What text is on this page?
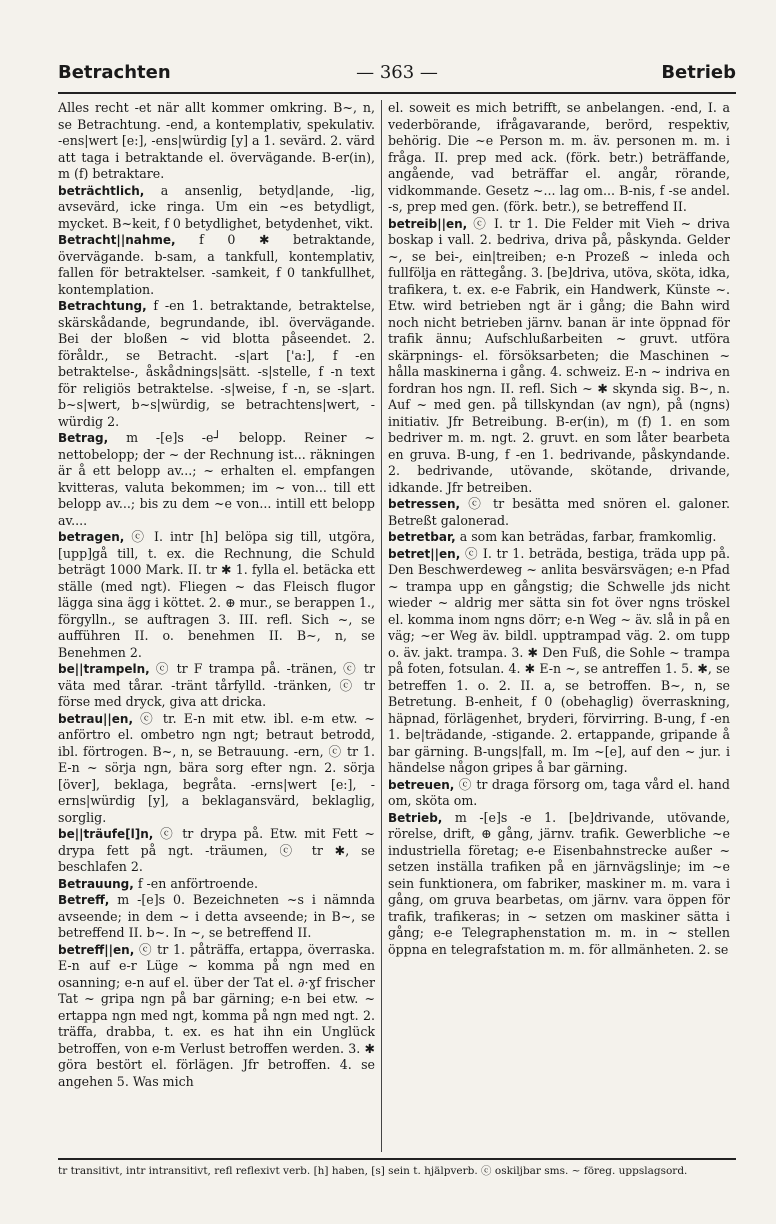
Betrachten	— 363 —	Betrieb

Alles recht -et när allt kommer omkring. B~, n, se Betrachtung. -end, a kontemplativ, spekulativ. -ens|wert [e:], -ens|würdig [y] a 1. sevärd. 2. värd att taga i betraktande el. övervägande. B-er(in), m (f) betraktare.

beträchtlich, a ansenlig, betyd|ande, -lig, avsevärd, icke ringa. Um ein ~es betydligt, mycket. B~keit, f 0 betydlighet, betydenhet, vikt.

Betracht||nahme, f 0 ✱ betraktande, övervägande. b-sam, a tankfull, kontemplativ, fallen för betraktelser. -samkeit, f 0 tankfullhet, kontemplation.

Betrachtung, f -en 1. betraktande, betraktelse, skärskådande, begrundande, ibl. övervägande. Bei der bloßen ~ vid blotta påseendet. 2. föråldr., se Betracht. -s|art ['a:], f -en betraktelse-, åskådnings|sätt. -s|stelle, f -n text för religiös betraktelse. -s|weise, f -n, se -s|art. b~s|wert, b~s|würdig, se betrachtens|wert, -würdig 2.

Betrag, m -[e]s -e┘ belopp. Reiner ~ nettobelopp; der ~ der Rechnung ist... räkningen är å ett belopp av...; ~ erhalten el. empfangen kvitteras, valuta bekommen; im ~ von... till ett belopp av...; bis zu dem ~e von... intill ett belopp av....

betragen, ⓒ I. intr [h] belöpa sig till, utgöra, [upp]gå till, t. ex. die Rechnung, die Schuld beträgt 1000 Mark. II. tr ✱ 1. fylla el. betäcka ett ställe (med ngt). Fliegen ~ das Fleisch flugor lägga sina ägg i köttet. 2. ⊕ mur., se berappen 1., förgylln., se auftragen 3. III. refl. Sich ~, se aufführen II. o. benehmen II. B~, n, se Benehmen 2.

be||trampeln, ⓒ tr F trampa på. -tränen, ⓒ tr väta med tårar. -tränt tårfylld. -tränken, ⓒ tr förse med dryck, giva att dricka.

betrau||en, ⓒ tr. E-n mit etw. ibl. e-m etw. ~ anförtro el. ombetro ngn ngt; betraut betrodd, ibl. förtrogen. B~, n, se Betrauung. -ern, ⓒ tr 1. E-n ~ sörja ngn, bära sorg efter ngn. 2. sörja [över], beklaga, begråta. -erns|wert [e:], -erns|würdig [y], a beklagansvärd, beklaglig, sorglig.

be||träufe[l]n, ⓒ tr drypa på. Etw. mit Fett ~ drypa fett på ngt. -träumen, ⓒ tr ✱, se beschlafen 2.

Betrauung, f -en anförtroende.

Betreff, m -[e]s 0. Bezeichneten ~s i nämnda avseende; in dem ~ i detta avseende; in B~, se betreffend II. b~. In ~, se betreffend II.

betreff||en, ⓒ tr 1. påträffa, ertappa, överraska. E-n auf e-r Lüge ~ komma på ngn med en osanning; e-n auf el. über der Tat el. ∂·ɣf frischer Tat ~ gripa ngn på bar gärning; e-n bei etw. ~ ertappa ngn med ngt, komma på ngn med ngt. 2. träffa, drabba, t. ex. es hat ihn ein Unglück betroffen, von e-m Verlust betroffen werden. 3. ✱ göra bestört el. förlägen. Jfr betroffen. 4. se angehen 5. Was mich

el. soweit es mich betrifft, se anbelangen. -end, I. a vederbörande, ifrågavarande, berörd, respektiv, behörig. Die ~e Person m. m. äv. personen m. m. i fråga. II. prep med ack. (förk. betr.) beträffande, angående, vad beträffar el. angår, rörande, vidkommande. Gesetz ~... lag om... B-nis, f -se andel. -s, prep med gen. (förk. betr.), se betreffend II.

betreib||en, ⓒ I. tr 1. Die Felder mit Vieh ~ driva boskap i vall. 2. bedriva, driva på, påskynda. Gelder ~, se bei-, ein|treiben; e-n Prozeß ~ inleda och fullfölja en rättegång. 3. [be]driva, utöva, sköta, idka, trafikera, t. ex. e-e Fabrik, ein Handwerk, Künste ~. Etw. wird betrieben ngt är i gång; die Bahn wird noch nicht betrieben järnv. banan är inte öppnad för trafik ännu; Aufschlußarbeiten ~ gruvt. utföra skärpnings- el. försöksarbeten; die Maschinen ~ hålla maskinerna i gång. 4. schweiz. E-n ~ indriva en fordran hos ngn. II. refl. Sich ~ ✱ skynda sig. B~, n. Auf ~ med gen. på tillskyndan (av ngn), på (ngns) initiativ. Jfr Betreibung. B-er(in), m (f) 1. en som bedriver m. m. ngt. 2. gruvt. en som låter bearbeta en gruva. B-ung, f -en 1. bedrivande, påskyndande. 2. bedrivande, utövande, skötande, drivande, idkande. Jfr betreiben.

betressen, ⓒ tr besätta med snören el. galoner. Betreßt galonerad.

betretbar, a som kan beträdas, farbar, framkomlig.

betret||en, ⓒ I. tr 1. beträda, bestiga, träda upp på. Den Beschwerdeweg ~ anlita besvärsvägen; e-n Pfad ~ trampa upp en gångstig; die Schwelle jds nicht wieder ~ aldrig mer sätta sin fot över ngns tröskel el. komma inom ngns dörr; e-n Weg ~ äv. slå in på en väg; ~er Weg äv. bildl. upptrampad väg. 2. om tupp o. äv. jakt. trampa. 3. ✱ Den Fuß, die Sohle ~ trampa på foten, fotsulan. 4. ✱ E-n ~, se antreffen 1. 5. ✱, se betreffen 1. o. 2. II. a, se betroffen. B~, n, se Betretung. B-enheit, f 0 (obehaglig) överraskning, häpnad, förlägenhet, bryderi, förvirring. B-ung, f -en 1. be|trädande, -stigande. 2. ertappande, gripande å bar gärning. B-ungs|fall, m. Im ~[e], auf den ~ jur. i händelse någon gripes å bar gärning.

betreuen, ⓒ tr draga försorg om, taga vård el. hand om, sköta om.

Betrieb, m -[e]s -e 1. [be]drivande, utövande, rörelse, drift, ⊕ gång, järnv. trafik. Gewerbliche ~e industriella företag; e-e Eisenbahnstrecke außer ~ setzen inställa trafiken på en järnvägslinje; im ~e sein funktionera, om fabriker, maskiner m. m. vara i gång, om gruva bearbetas, om järnv. vara öppen för trafik, trafikeras; in ~ setzen om maskiner sätta i gång; e-e Telegraphenstation m. m. in ~ stellen öppna en telegrafstation m. m. för allmänheten. 2. se

tr transitivt, intr intransitivt, refl reflexivt verb. [h] haben, [s] sein t. hjälpverb. ⓒ oskiljbar sms. ~ föreg. uppslagsord.
